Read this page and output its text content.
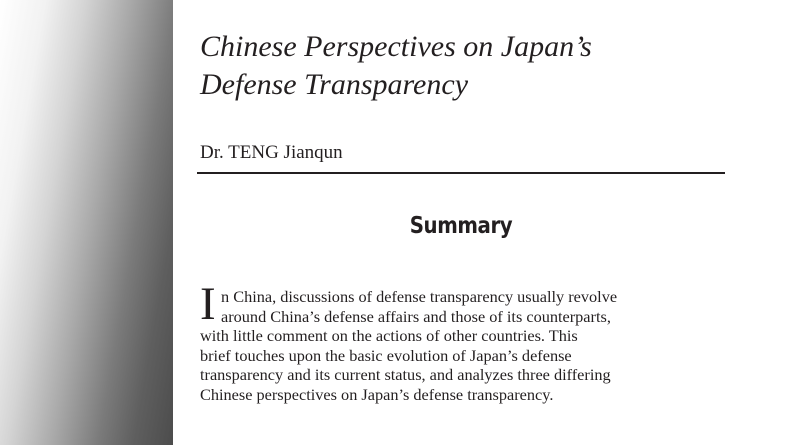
Chinese Perspectives on Japan’s
Defense Transparency
Dr. TENG Jianqun
Summary
I n China, discussions of defense transparency usually revolve
around China’s defense affairs and those of its counterparts,
with little comment on the actions of other countries. This
brief touches upon the basic evolution of Japan’s defense
transparency and its current status, and analyzes three differing
Chinese perspectives on Japan’s defense transparency.
